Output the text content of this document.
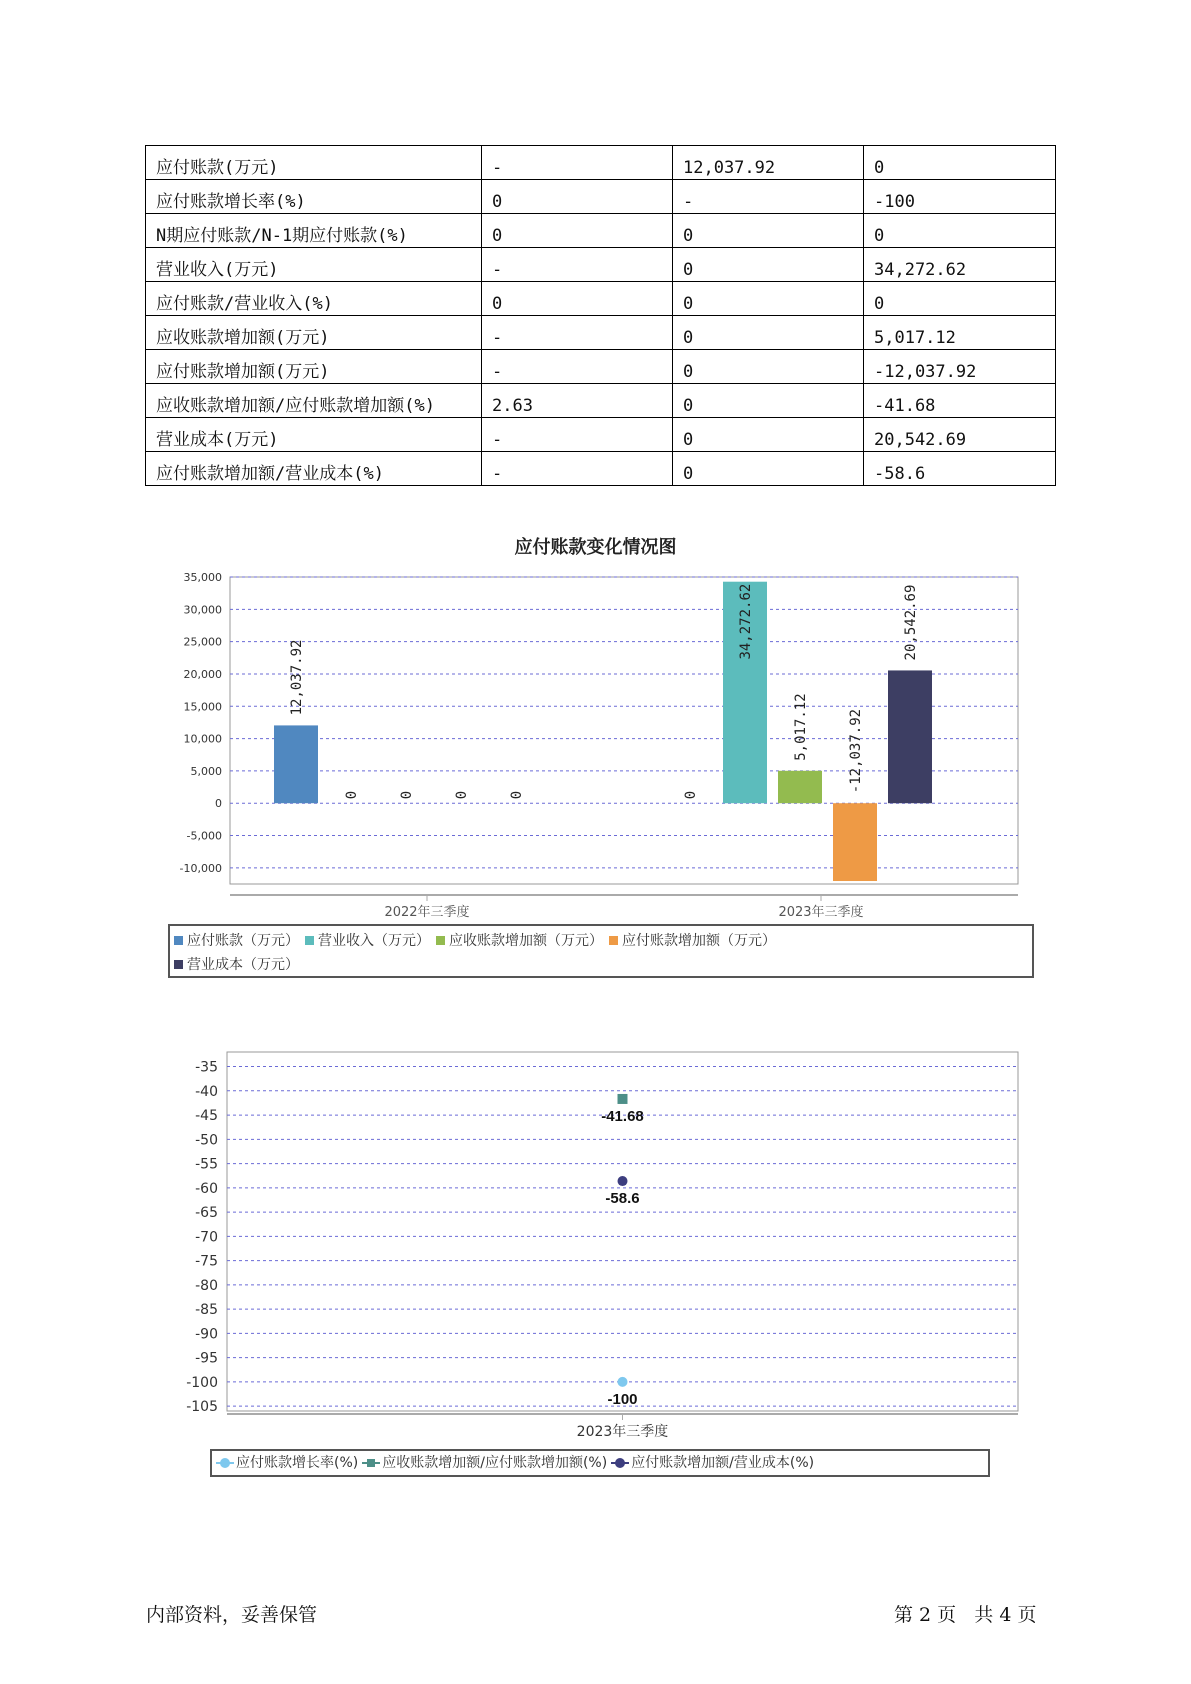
应付账款(万元)	-	12,037.92	0
应付账款增长率(%)	0	-	-100
N期应付账款/N-1期应付账款(%)	0	0	0
营业收入(万元)	-	0	34,272.62
应付账款/营业收入(%)	0	0	0
应收账款增加额(万元)	-	0	5,017.12
应付账款增加额(万元)	-	0	-12,037.92
应收账款增加额/应付账款增加额(%)	2.63	0	-41.68
营业成本(万元)	-	0	20,542.69
应付账款增加额/营业成本(%)	-	0	-58.6
应付账款变化情况图
35,000
30,000
25,000
20,000
15,000
10,000
5,000
0
-5,000
-10,000
2022年三季度
12,037.92
0	0	0	0
2023年三季度
0
34,272.62
5,017.12	-12,037.92
20,542.69
应付账款（万元） 营业收入（万元） 应收账款增加额（万元） 应付账款增加额（万元）
营业成本（万元）
-35
-40
-45
-50
-55
-60
-65
-70
-75
-80
-85
-90
-95
-100
-105
2023年三季度
-100
-41.68
-58.6
应付账款增长率(%) 应收账款增加额/应付账款增加额(%) 应付账款增加额/营业成本(%)
内部资料，妥善保管	第 2 页   共 4 页
